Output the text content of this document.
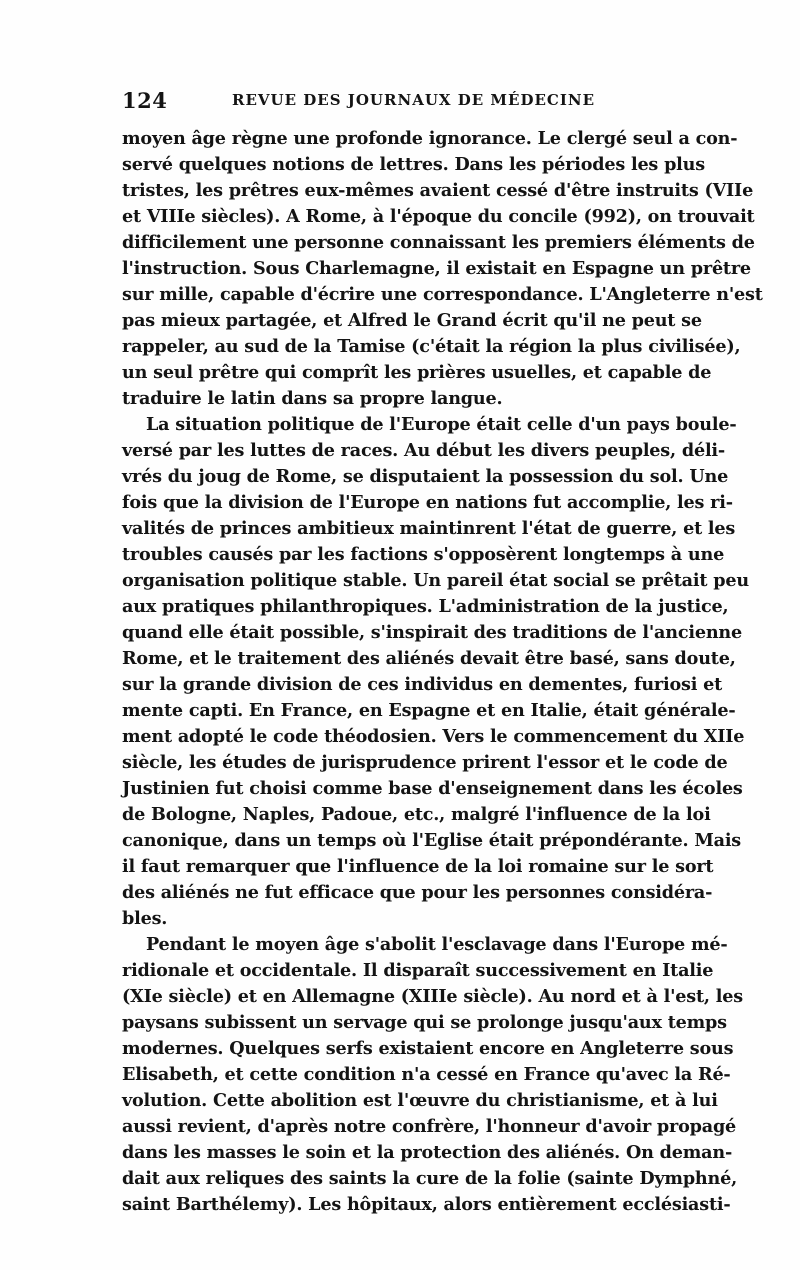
124	REVUE DES JOURNAUX DE MÉDECINE
moyen âge règne une profonde ignorance. Le clergé seul a con-
servé quelques notions de lettres. Dans les périodes les plus
tristes, les prêtres eux-mêmes avaient cessé d'être instruits (VIIe
et VIIIe siècles). A Rome, à l'époque du concile (992), on trouvait
difficilement une personne connaissant les premiers éléments de
l'instruction. Sous Charlemagne, il existait en Espagne un prêtre
sur mille, capable d'écrire une correspondance. L'Angleterre n'est
pas mieux partagée, et Alfred le Grand écrit qu'il ne peut se
rappeler, au sud de la Tamise (c'était la région la plus civilisée),
un seul prêtre qui comprît les prières usuelles, et capable de
traduire le latin dans sa propre langue.
La situation politique de l'Europe était celle d'un pays boule-
versé par les luttes de races. Au début les divers peuples, déli-
vrés du joug de Rome, se disputaient la possession du sol. Une
fois que la division de l'Europe en nations fut accomplie, les ri-
valités de princes ambitieux maintinrent l'état de guerre, et les
troubles causés par les factions s'opposèrent longtemps à une
organisation politique stable. Un pareil état social se prêtait peu
aux pratiques philanthropiques. L'administration de la justice,
quand elle était possible, s'inspirait des traditions de l'ancienne
Rome, et le traitement des aliénés devait être basé, sans doute,
sur la grande division de ces individus en dementes, furiosi et
mente capti. En France, en Espagne et en Italie, était générale-
ment adopté le code théodosien. Vers le commencement du XIIe
siècle, les études de jurisprudence prirent l'essor et le code de
Justinien fut choisi comme base d'enseignement dans les écoles
de Bologne, Naples, Padoue, etc., malgré l'influence de la loi
canonique, dans un temps où l'Eglise était prépondérante. Mais
il faut remarquer que l'influence de la loi romaine sur le sort
des aliénés ne fut efficace que pour les personnes considéra-
bles.
Pendant le moyen âge s'abolit l'esclavage dans l'Europe mé-
ridionale et occidentale. Il disparaît successivement en Italie
(XIe siècle) et en Allemagne (XIIIe siècle). Au nord et à l'est, les
paysans subissent un servage qui se prolonge jusqu'aux temps
modernes. Quelques serfs existaient encore en Angleterre sous
Elisabeth, et cette condition n'a cessé en France qu'avec la Ré-
volution. Cette abolition est l'œuvre du christianisme, et à lui
aussi revient, d'après notre confrère, l'honneur d'avoir propagé
dans les masses le soin et la protection des aliénés. On deman-
dait aux reliques des saints la cure de la folie (sainte Dymphné,
saint Barthélemy). Les hôpitaux, alors entièrement ecclésiasti-
